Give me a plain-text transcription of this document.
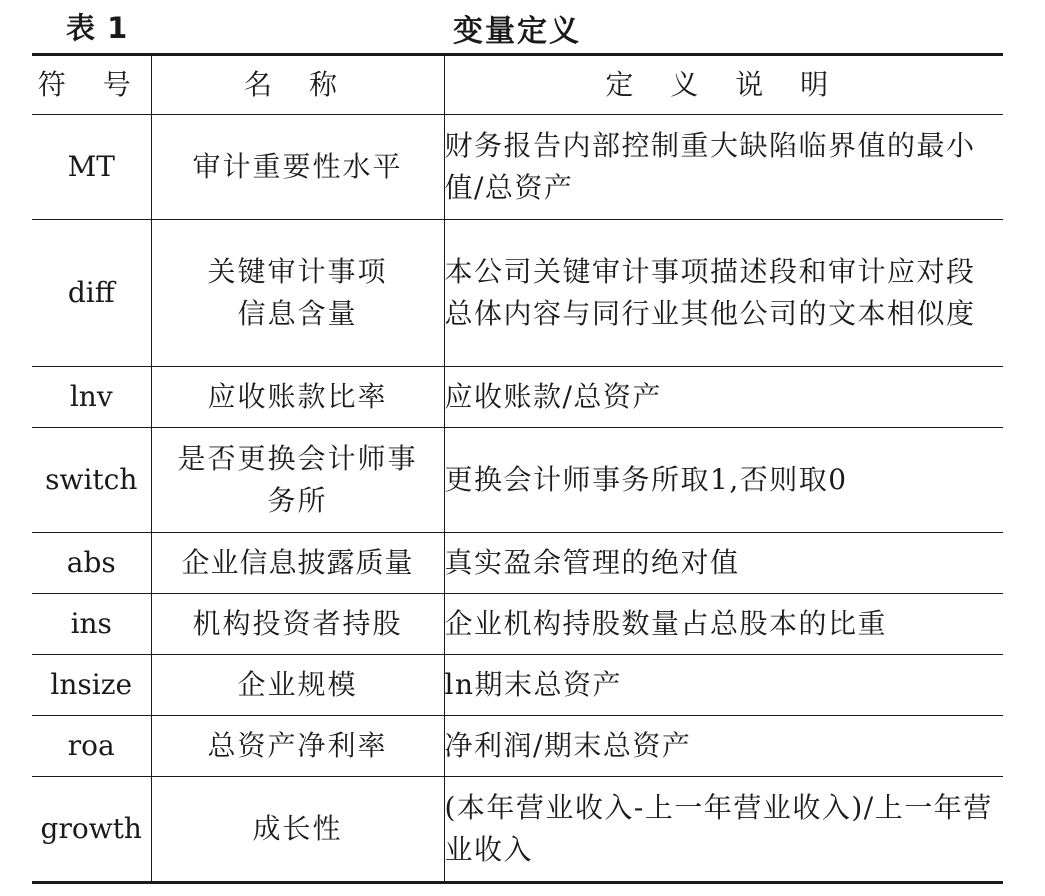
表 1	变量定义
符 号	名 称	定 义 说 明
MT	审计重要性水平	财务报告内部控制重大缺陷临界值的最小值/总资产
diff	关键审计事项信息含量	本公司关键审计事项描述段和审计应对段总体内容与同行业其他公司的文本相似度
lnv	应收账款比率	应收账款/总资产
switch	是否更换会计师事务所	更换会计师事务所取1,否则取0
abs	企业信息披露质量	真实盈余管理的绝对值
ins	机构投资者持股	企业机构持股数量占总股本的比重
lnsize	企业规模	ln期末总资产
roa	总资产净利率	净利润/期末总资产
growth	成长性	(本年营业收入-上一年营业收入)/上一年营业收入
